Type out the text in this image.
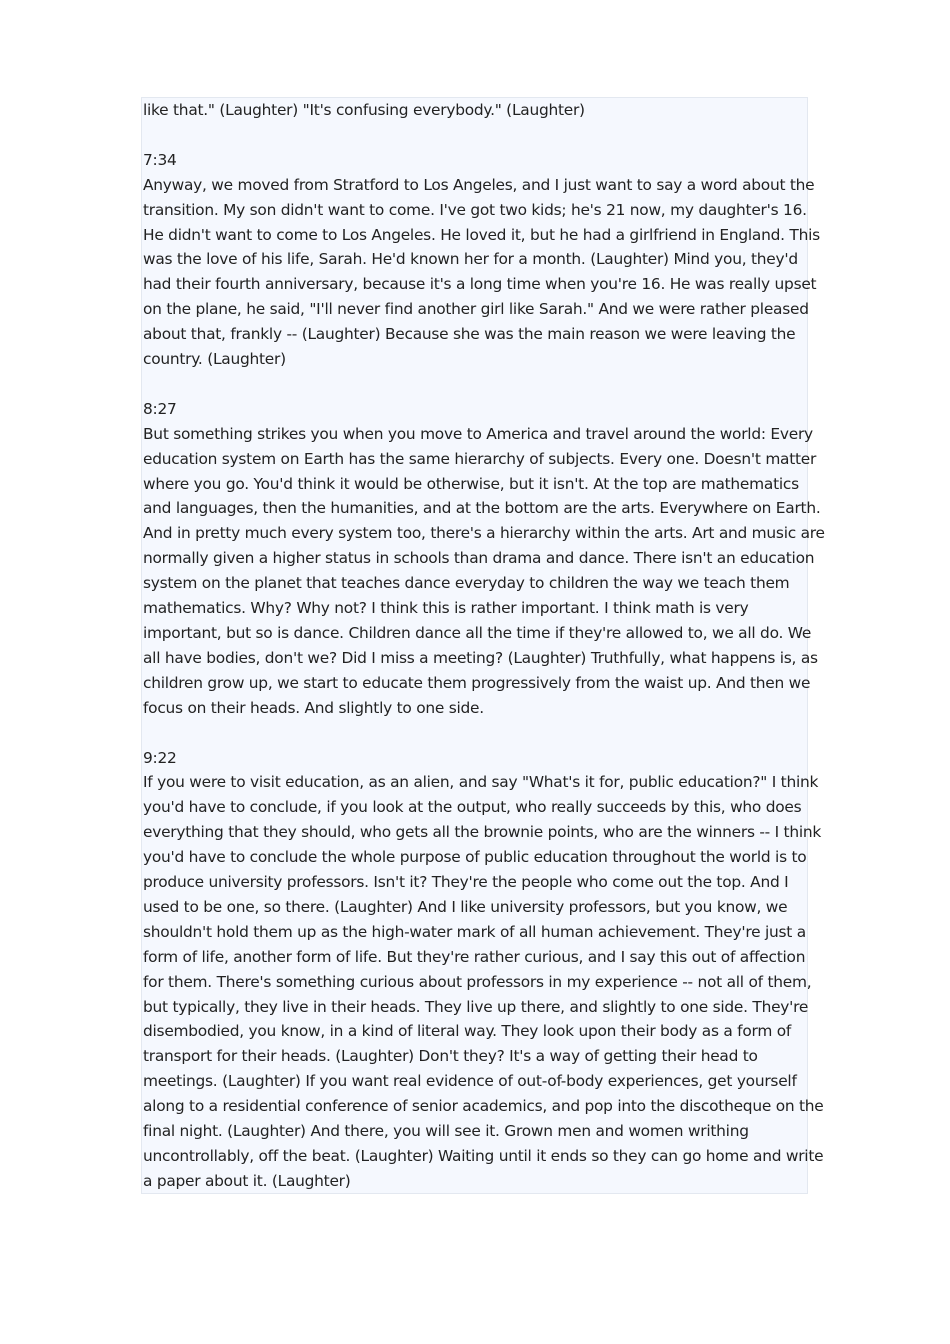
like that." (Laughter) "It's confusing everybody." (Laughter)

7:34

Anyway, we moved from Stratford to Los Angeles, and I just want to say a word about the
transition. My son didn't want to come. I've got two kids; he's 21 now, my daughter's 16.
He didn't want to come to Los Angeles. He loved it, but he had a girlfriend in England. This
was the love of his life, Sarah. He'd known her for a month. (Laughter) Mind you, they'd
had their fourth anniversary, because it's a long time when you're 16. He was really upset
on the plane, he said, "I'll never find another girl like Sarah." And we were rather pleased
about that, frankly -- (Laughter) Because she was the main reason we were leaving the
country. (Laughter)

8:27

But something strikes you when you move to America and travel around the world: Every
education system on Earth has the same hierarchy of subjects. Every one. Doesn't matter
where you go. You'd think it would be otherwise, but it isn't. At the top are mathematics
and languages, then the humanities, and at the bottom are the arts. Everywhere on Earth.
And in pretty much every system too, there's a hierarchy within the arts. Art and music are
normally given a higher status in schools than drama and dance. There isn't an education
system on the planet that teaches dance everyday to children the way we teach them
mathematics. Why? Why not? I think this is rather important. I think math is very
important, but so is dance. Children dance all the time if they're allowed to, we all do. We
all have bodies, don't we? Did I miss a meeting? (Laughter) Truthfully, what happens is, as
children grow up, we start to educate them progressively from the waist up. And then we
focus on their heads. And slightly to one side.

9:22

If you were to visit education, as an alien, and say "What's it for, public education?" I think
you'd have to conclude, if you look at the output, who really succeeds by this, who does
everything that they should, who gets all the brownie points, who are the winners -- I think
you'd have to conclude the whole purpose of public education throughout the world is to
produce university professors. Isn't it? They're the people who come out the top. And I
used to be one, so there. (Laughter) And I like university professors, but you know, we
shouldn't hold them up as the high-water mark of all human achievement. They're just a
form of life, another form of life. But they're rather curious, and I say this out of affection
for them. There's something curious about professors in my experience -- not all of them,
but typically, they live in their heads. They live up there, and slightly to one side. They're
disembodied, you know, in a kind of literal way. They look upon their body as a form of
transport for their heads. (Laughter) Don't they? It's a way of getting their head to
meetings. (Laughter) If you want real evidence of out-of-body experiences, get yourself
along to a residential conference of senior academics, and pop into the discotheque on the
final night. (Laughter) And there, you will see it. Grown men and women writhing
uncontrollably, off the beat. (Laughter) Waiting until it ends so they can go home and write
a paper about it. (Laughter)
